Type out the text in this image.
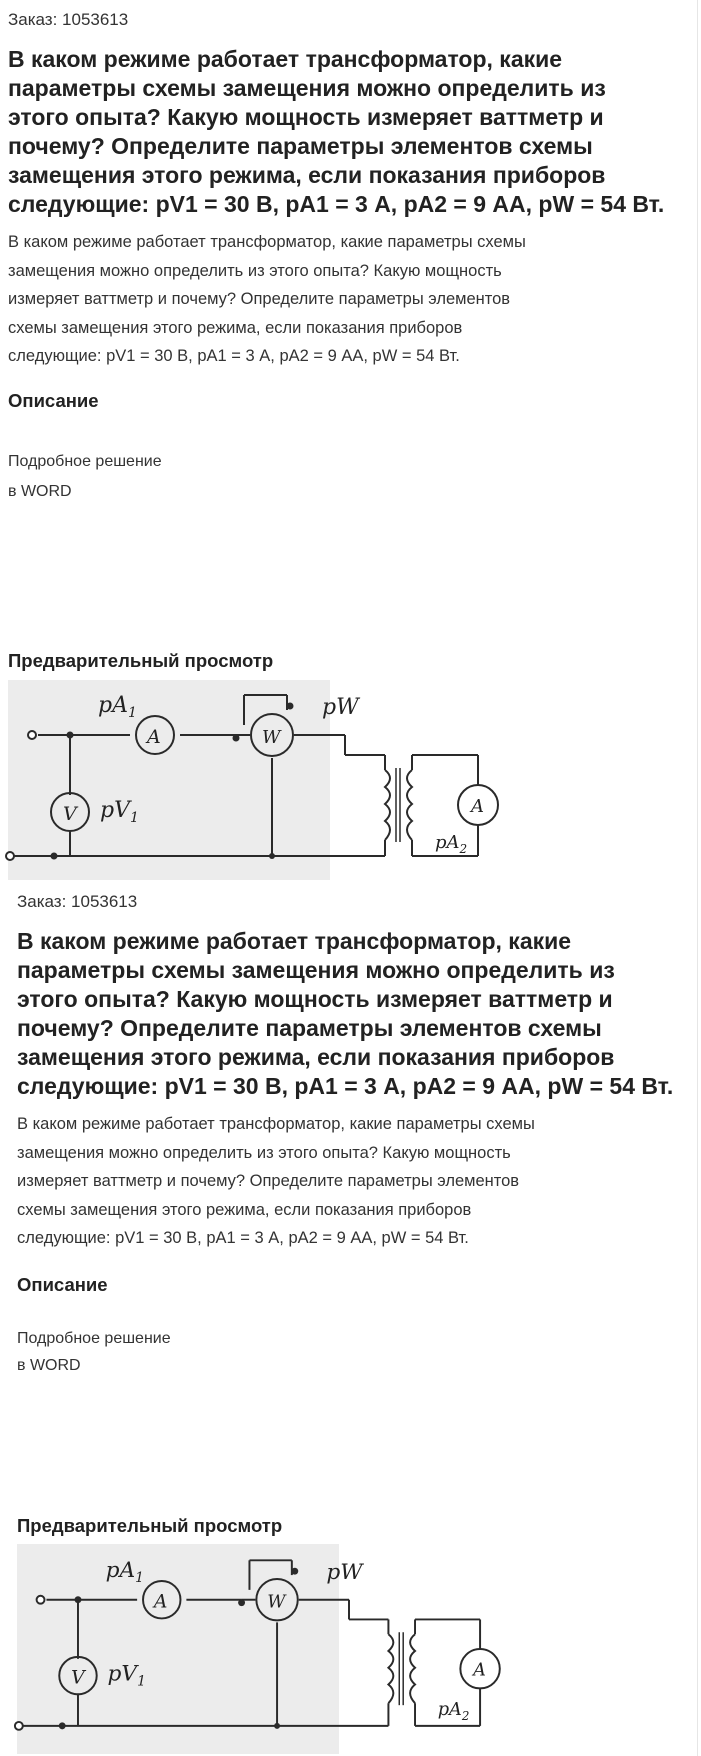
Заказ: 1053613
В каком режиме работает трансформатор, какие
параметры схемы замещения можно определить из
этого опыта? Какую мощность измеряет ваттметр и
почему? Определите параметры элементов схемы
замещения этого режима, если показания приборов
следующие: pV1 = 30 В, pA1 = 3 А, pA2 = 9 АА, pW = 54 Вт.
В каком режиме работает трансформатор, какие параметры схемы
замещения можно определить из этого опыта? Какую мощность
измеряет ваттметр и почему? Определите параметры элементов
схемы замещения этого режима, если показания приборов
следующие: pV1 = 30 В, pA1 = 3 А, pA2 = 9 АА, pW = 54 Вт.
Описание
Подробное решение
в WORD
Предварительный просмотр
$pA_1$
A	W
pW
V $pV_1$
A
$pA_2$
Заказ: 1053613
В каком режиме работает трансформатор, какие
параметры схемы замещения можно определить из
этого опыта? Какую мощность измеряет ваттметр и
почему? Определите параметры элементов схемы
замещения этого режима, если показания приборов
следующие: pV1 = 30 В, pA1 = 3 А, pA2 = 9 АА, pW = 54 Вт.
В каком режиме работает трансформатор, какие параметры схемы
замещения можно определить из этого опыта? Какую мощность
измеряет ваттметр и почему? Определите параметры элементов
схемы замещения этого режима, если показания приборов
следующие: pV1 = 30 В, pA1 = 3 А, pA2 = 9 АА, pW = 54 Вт.
Описание
Подробное решение
в WORD
Предварительный просмотр
$pA_1$
A	W
pW
V $pV_1$
A
$pA_2$
